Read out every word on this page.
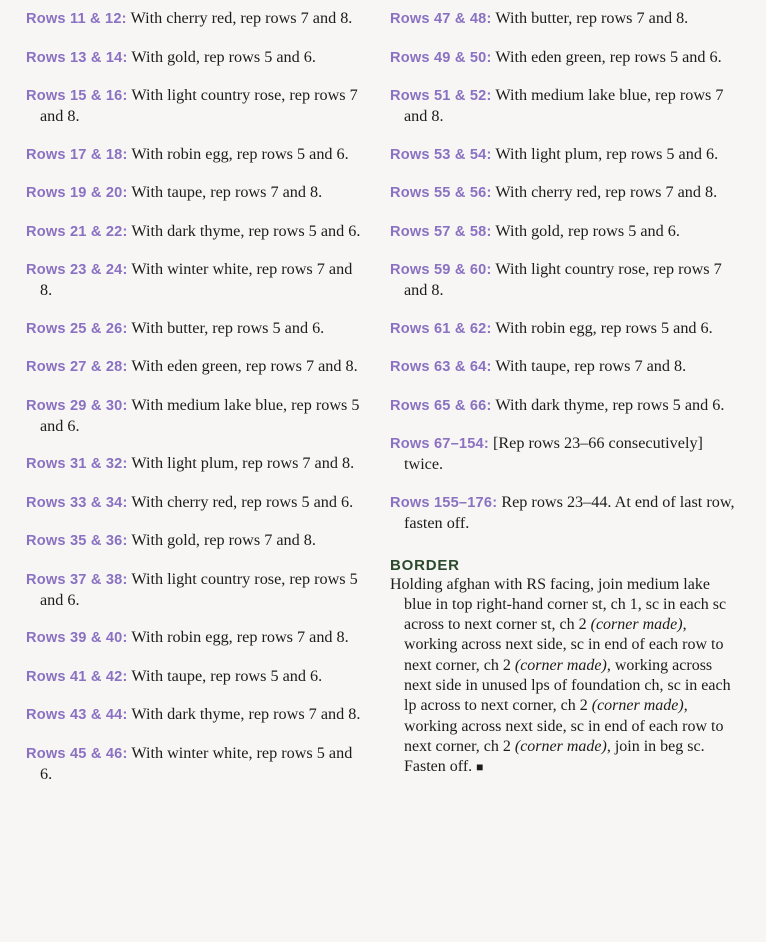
Rows 11 & 12: With cherry red, rep rows 7 and 8.
Rows 13 & 14: With gold, rep rows 5 and 6.
Rows 15 & 16: With light country rose, rep rows 7 and 8.
Rows 17 & 18: With robin egg, rep rows 5 and 6.
Rows 19 & 20: With taupe, rep rows 7 and 8.
Rows 21 & 22: With dark thyme, rep rows 5 and 6.
Rows 23 & 24: With winter white, rep rows 7 and 8.
Rows 25 & 26: With butter, rep rows 5 and 6.
Rows 27 & 28: With eden green, rep rows 7 and 8.
Rows 29 & 30: With medium lake blue, rep rows 5 and 6.
Rows 31 & 32: With light plum, rep rows 7 and 8.
Rows 33 & 34: With cherry red, rep rows 5 and 6.
Rows 35 & 36: With gold, rep rows 7 and 8.
Rows 37 & 38: With light country rose, rep rows 5 and 6.
Rows 39 & 40: With robin egg, rep rows 7 and 8.
Rows 41 & 42: With taupe, rep rows 5 and 6.
Rows 43 & 44: With dark thyme, rep rows 7 and 8.
Rows 45 & 46: With winter white, rep rows 5 and 6.
Rows 47 & 48: With butter, rep rows 7 and 8.
Rows 49 & 50: With eden green, rep rows 5 and 6.
Rows 51 & 52: With medium lake blue, rep rows 7 and 8.
Rows 53 & 54: With light plum, rep rows 5 and 6.
Rows 55 & 56: With cherry red, rep rows 7 and 8.
Rows 57 & 58: With gold, rep rows 5 and 6.
Rows 59 & 60: With light country rose, rep rows 7 and 8.
Rows 61 & 62: With robin egg, rep rows 5 and 6.
Rows 63 & 64: With taupe, rep rows 7 and 8.
Rows 65 & 66: With dark thyme, rep rows 5 and 6.
Rows 67–154: [Rep rows 23–66 consecutively] twice.
Rows 155–176: Rep rows 23–44. At end of last row, fasten off.
BORDER
Holding afghan with RS facing, join medium lake blue in top right-hand corner st, ch 1, sc in each sc across to next corner st, ch 2 (corner made), working across next side, sc in end of each row to next corner, ch 2 (corner made), working across next side in unused lps of foundation ch, sc in each lp across to next corner, ch 2 (corner made), working across next side, sc in end of each row to next corner, ch 2 (corner made), join in beg sc. Fasten off. ■
